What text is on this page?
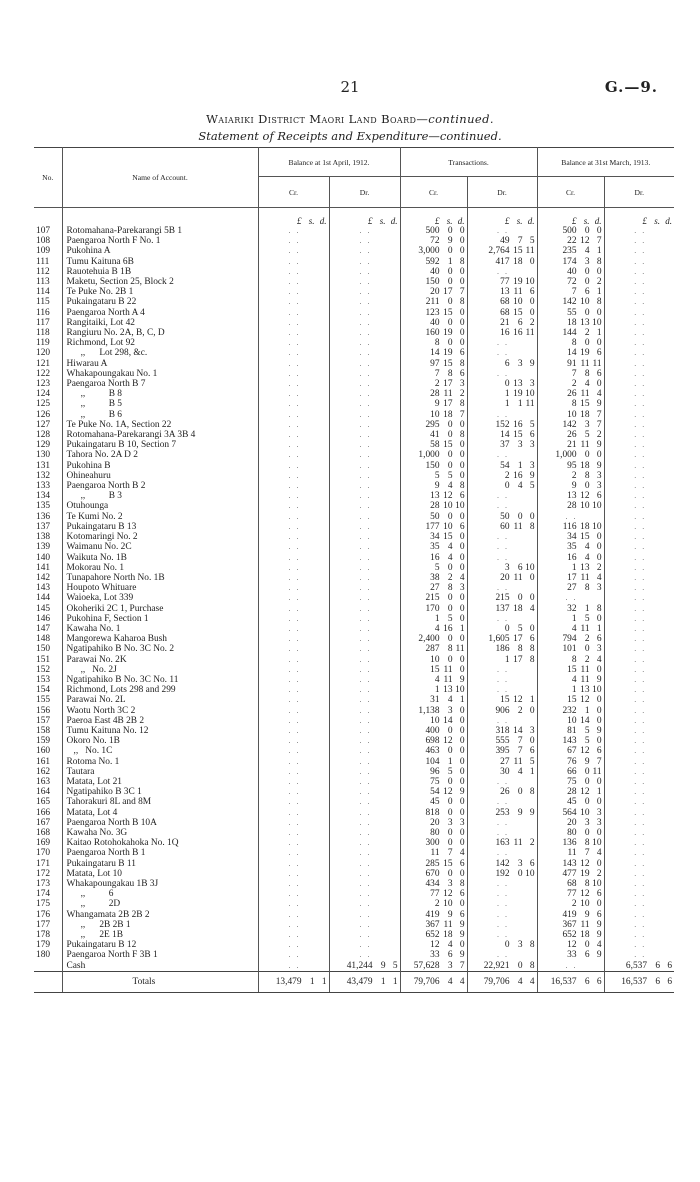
21	G.—9.
Waiariki District Maori Land Board—continued.
Statement of Receipts and Expenditure—continued.
No.	Name of Account.	Balance at 1st April, 1912.		Transactions.		Balance at 31st March, 1913.	
		Cr.	Dr.	Cr.	Dr.	Cr.	Dr.

		£ s. d.	£ s. d.	£ s. d.	£ s. d.	£ s. d.	£ s. d.

107	Rotomahana-Parekarangi 5B 1	. .	. .	500 0 0	. .	500 0 0	. .

108	Paengaroa North F No. 1	. .	. .	72 9 0	49 7 5	22 12 7	. .

109	Pukohina A	. .	. .	3,000 0 0	2,764 15 11	235 4 1	. .

111	Tumu Kaituna 6B	. .	. .	592 1 8	417 18 0	174 3 8	. .

112	Rauotehuia B 1B	. .	. .	40 0 0	. .	40 0 0	. .

113	Maketu, Section 25, Block 2	. .	. .	150 0 0	77 19 10	72 0 2	. .

114	Te Puke No. 2B 1	. .	. .	20 17 7	13 11 6	7 6 1	. .

115	Pukaingataru B 22	. .	. .	211 0 8	68 10 0	142 10 8	. .

116	Paengaroa North A 4	. .	. .	123 15 0	68 15 0	55 0 0	. .

117	Rangitaiki, Lot 42	. .	. .	40 0 0	21 6 2	18 13 10	. .

118	Rangiuru No. 2A, B, C, D	. .	. .	160 19 0	16 16 11	144 2 1	. .

119	Richmond, Lot 92	. .	. .	8 0 0	. .	8 0 0	. .

120	,,      Lot 298, &c.	. .	. .	14 19 6	. .	14 19 6	. .

121	Hiwarau A	. .	. .	97 15 8	6 3 9	91 11 11	. .

122	Whakapoungakau No. 1	. .	. .	7 8 6	. .	7 8 6	. .

123	Paengaroa North B 7	. .	. .	2 17 3	0 13 3	2 4 0	. .

124	,,          B 8	. .	. .	28 11 2	1 19 10	26 11 4	. .

125	,,          B 5	. .	. .	9 17 8	1 1 11	8 15 9	. .

126	,,          B 6	. .	. .	10 18 7	. .	10 18 7	. .

127	Te Puke No. 1A, Section 22	. .	. .	295 0 0	152 16 5	142 3 7	. .

128	Rotomahana-Parekarangi 3A 3B 4	. .	. .	41 0 8	14 15 6	26 5 2	. .

129	Pukaingataru B 10, Section 7	. .	. .	58 15 0	37 3 3	21 11 9	. .

130	Tahora No. 2A D 2	. .	. .	1,000 0 0	. .	1,000 0 0	. .

131	Pukohina B	. .	. .	150 0 0	54 1 3	95 18 9	. .

132	Ohineahuru	. .	. .	5 5 0	2 16 9	2 8 3	. .

133	Paengaroa North B 2	. .	. .	9 4 8	0 4 5	9 0 3	. .

134	,,          B 3	. .	. .	13 12 6	. .	13 12 6	. .

135	Otuhounga	. .	. .	28 10 10	. .	28 10 10	. .

136	Te Kumi No. 2	. .	. .	50 0 0	50 0 0	. .	. .

137	Pukaingataru B 13	. .	. .	177 10 6	60 11 8	116 18 10	. .

138	Kotomaringi No. 2	. .	. .	34 15 0	. .	34 15 0	. .

139	Waimanu No. 2C	. .	. .	35 4 0	. .	35 4 0	. .

140	Waikuta No. 1B	. .	. .	16 4 0	. .	16 4 0	. .

141	Mokorau No. 1	. .	. .	5 0 0	3 6 10	1 13 2	. .

142	Tunapahore North No. 1B	. .	. .	38 2 4	20 11 0	17 11 4	. .

143	Houpoto Whituare	. .	. .	27 8 3	. .	27 8 3	. .

144	Waioeka, Lot 339	. .	. .	215 0 0	215 0 0	. .	. .

145	Okoheriki 2C 1, Purchase	. .	. .	170 0 0	137 18 4	32 1 8	. .

146	Pukohina F, Section 1	. .	. .	1 5 0	. .	1 5 0	. .

147	Kawaha No. 1	. .	. .	4 16 1	0 5 0	4 11 1	. .

148	Mangorewa Kaharoa Bush	. .	. .	2,400 0 0	1,605 17 6	794 2 6	. .

150	Ngatipahiko B No. 3C No. 2	. .	. .	287 8 11	186 8 8	101 0 3	. .

151	Parawai No. 2K	. .	. .	10 0 0	1 17 8	8 2 4	. .

152	,,   No. 2J	. .	. .	15 11 0	. .	15 11 0	. .

153	Ngatipahiko B No. 3C No. 11	. .	. .	4 11 9	. .	4 11 9	. .

154	Richmond, Lots 298 and 299	. .	. .	1 13 10	. .	1 13 10	. .

155	Parawai No. 2L	. .	. .	31 4 1	15 12 1	15 12 0	. .

156	Waotu North 3C 2	. .	. .	1,138 3 0	906 2 0	232 1 0	. .

157	Paeroa East 4B 2B 2	. .	. .	10 14 0	. .	10 14 0	. .

158	Tumu Kaituna No. 12	. .	. .	400 0 0	318 14 3	81 5 9	. .

159	Okoro No. 1B	. .	. .	698 12 0	555 7 0	143 5 0	. .

160	,,   No. 1C	. .	. .	463 0 0	395 7 6	67 12 6	. .

161	Rotoma No. 1	. .	. .	104 1 0	27 11 5	76 9 7	. .

162	Tautara	. .	. .	96 5 0	30 4 1	66 0 11	. .

163	Matata, Lot 21	. .	. .	75 0 0	. .	75 0 0	. .

164	Ngatipahiko B 3C 1	. .	. .	54 12 9	26 0 8	28 12 1	. .

165	Tahorakuri 8L and 8M	. .	. .	45 0 0	. .	45 0 0	. .

166	Matata, Lot 4	. .	. .	818 0 0	253 9 9	564 10 3	. .

167	Paengaroa North B 10A	. .	. .	20 3 3	. .	20 3 3	. .

168	Kawaha No. 3G	. .	. .	80 0 0	. .	80 0 0	. .

169	Kaitao Rotohokahoka No. 1Q	. .	. .	300 0 0	163 11 2	136 8 10	. .

170	Paengaroa North B 1	. .	. .	11 7 4	. .	11 7 4	. .

171	Pukaingataru B 11	. .	. .	285 15 6	142 3 6	143 12 0	. .

172	Matata, Lot 10	. .	. .	670 0 0	192 0 10	477 19 2	. .

173	Whakapoungakau 1B 3J	. .	. .	434 3 8	. .	68 8 10	. .

174	,,          6	. .	. .	77 12 6	. .	77 12 6	. .

175	,,          2D	. .	. .	2 10 0	. .	2 10 0	. .

176	Whangamata 2B 2B 2	. .	. .	419 9 6	. .	419 9 6	. .

177	,,      2B 2B 1	. .	. .	367 11 9	. .	367 11 9	. .

178	,,      2E 1B	. .	. .	652 18 9	. .	652 18 9	. .

179	Pukaingataru B 12	. .	. .	12 4 0	0 3 8	12 0 4	. .

180	Paengaroa North F 3B 1	. .	. .	33 6 9	. .	33 6 9	. .

	Cash	. .	41,244 9 5	57,628 3 7	22,921 0 8	. .	6,537 6 6

	Totals	13,479 1 1	43,479 1 1	79,706 4 4	79,706 4 4	16,537 6 6	16,537 6 6
